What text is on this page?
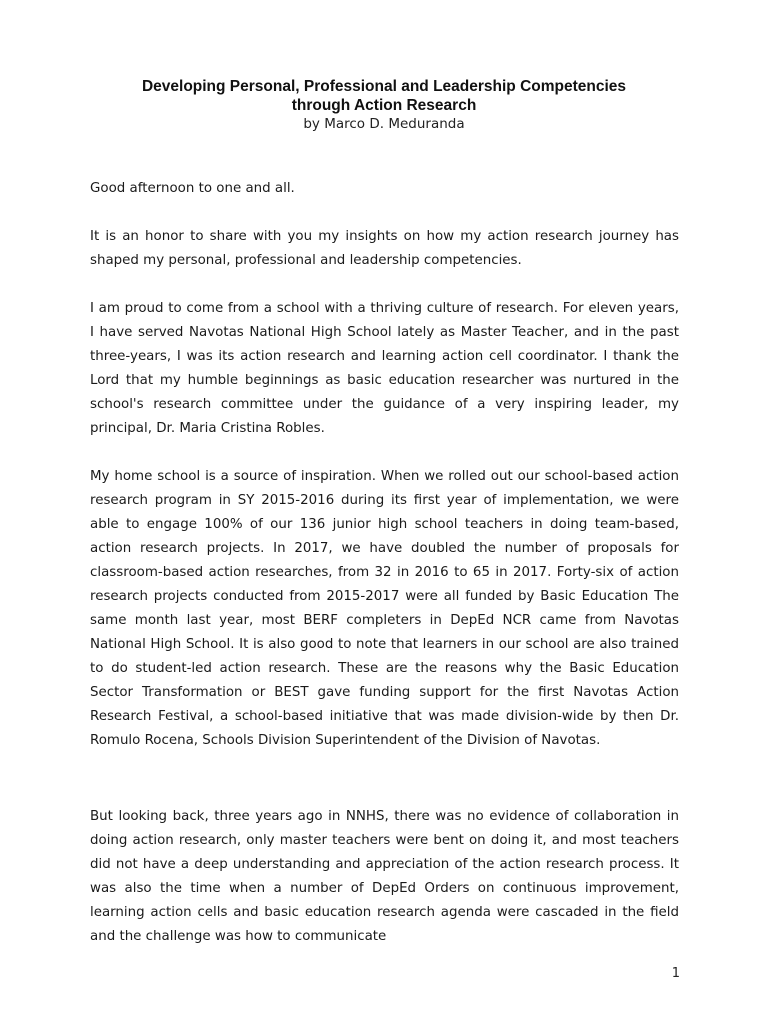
Developing Personal, Professional and Leadership Competencies
through Action Research
by Marco D. Meduranda

Good afternoon to one and all.

It is an honor to share with you my insights on how my action research journey has shaped my personal, professional and leadership competencies.

I am proud to come from a school with a thriving culture of research. For eleven years, I have served Navotas National High School lately as Master Teacher, and in the past three-years, I was its action research and learning action cell coordinator. I thank the Lord that my humble beginnings as basic education researcher was nurtured in the school's research committee under the guidance of a very inspiring leader, my principal, Dr. Maria Cristina Robles.

My home school is a source of inspiration. When we rolled out our school-based action research program in SY 2015-2016 during its first year of implementation, we were able to engage 100% of our 136 junior high school teachers in doing team-based, action research projects. In 2017, we have doubled the number of proposals for classroom-based action researches, from 32 in 2016 to 65 in 2017. Forty-six of action research projects conducted from 2015-2017 were all funded by Basic Education The same month last year, most BERF completers in DepEd NCR came from Navotas National High School. It is also good to note that learners in our school are also trained to do student-led action research. These are the reasons why the Basic Education Sector Transformation or BEST gave funding support for the first Navotas Action Research Festival, a school-based initiative that was made division-wide by then Dr. Romulo Rocena, Schools Division Superintendent of the Division of Navotas.

But looking back, three years ago in NNHS, there was no evidence of collaboration in doing action research, only master teachers were bent on doing it, and most teachers did not have a deep understanding and appreciation of the action research process. It was also the time when a number of DepEd Orders on continuous improvement, learning action cells and basic education research agenda were cascaded in the field and the challenge was how to communicate

1
